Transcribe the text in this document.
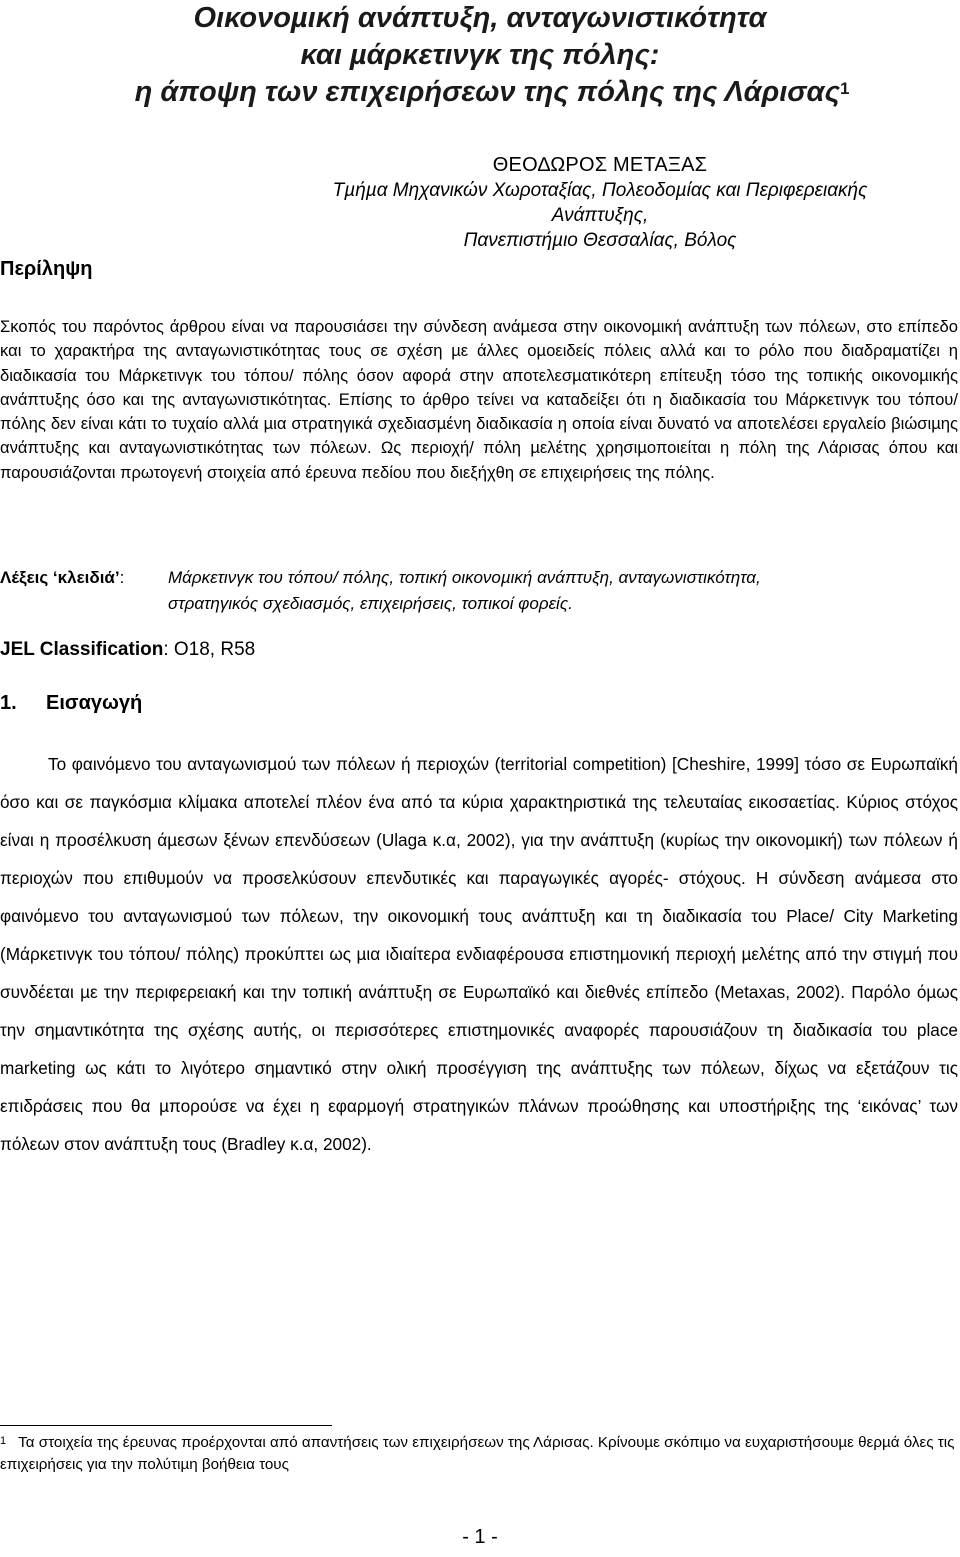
Οικονοµική ανάπτυξη, ανταγωνιστικότητα
και µάρκετινγκ της πόλης:
η άποψη των επιχειρήσεων της πόλης της Λάρισας$^1$
ΘΕΟ∆ΩΡΟΣ ΜΕΤΑΞΑΣ
Τµήµα Μηχανικών Χωροταξίας, Πολεοδοµίας και Περιφερειακής Ανάπτυξης,
Πανεπιστήµιο Θεσσαλίας, Βόλος
Περίληψη
Σκοπός του παρόντος άρθρου είναι να παρουσιάσει την σύνδεση ανάµεσα στην οικονοµική ανάπτυξη των πόλεων, στο επίπεδο και το χαρακτήρα της ανταγωνιστικότητας τους σε σχέση µε άλλες οµοειδείς πόλεις αλλά και το ρόλο που διαδραµατίζει η διαδικασία του Μάρκετινγκ του τόπου/ πόλης όσον αφορά στην αποτελεσµατικότερη επίτευξη τόσο της τοπικής οικονοµικής ανάπτυξης όσο και της ανταγωνιστικότητας. Επίσης το άρθρο τείνει να καταδείξει ότι η διαδικασία του Μάρκετινγκ του τόπου/ πόλης δεν είναι κάτι το τυχαίο αλλά µια στρατηγικά σχεδιασµένη διαδικασία η οποία είναι δυνατό να αποτελέσει εργαλείο βιώσιµης ανάπτυξης και ανταγωνιστικότητας των πόλεων. Ως περιοχή/ πόλη µελέτης χρησιµοποιείται η πόλη της Λάρισας όπου και παρουσιάζονται πρωτογενή στοιχεία από έρευνα πεδίου που διεξήχθη σε επιχειρήσεις της πόλης.
Λέξεις ‘κλειδιά’:	Μάρκετινγκ του τόπου/ πόλης, τοπική οικονοµική ανάπτυξη, ανταγωνιστικότητα,
στρατηγικός σχεδιασµός, επιχειρήσεις, τοπικοί φορείς.
JEL Classification: O18, R58
1. Εισαγωγή
Το φαινόµενο του ανταγωνισµού των πόλεων ή περιοχών (territorial competition) [Cheshire, 1999] τόσο σε Ευρωπαϊκή όσο και σε παγκόσµια κλίµακα αποτελεί πλέον ένα από τα κύρια χαρακτηριστικά της τελευταίας εικοσαετίας. Κύριος στόχος είναι η προσέλκυση άµεσων ξένων επενδύσεων (Ulaga κ.α, 2002), για την ανάπτυξη (κυρίως την οικονοµική) των πόλεων ή περιοχών που επιθυµούν να προσελκύσουν επενδυτικές και παραγωγικές αγορές- στόχους. Η σύνδεση ανάµεσα στο φαινόµενο του ανταγωνισµού των πόλεων, την οικονοµική τους ανάπτυξη και τη διαδικασία του Place/ City Marketing (Μάρκετινγκ του τόπου/ πόλης) προκύπτει ως µια ιδιαίτερα ενδιαφέρουσα επιστηµονική περιοχή µελέτης από την στιγµή που συνδέεται µε την περιφερειακή και την τοπική ανάπτυξη σε Ευρωπαϊκό και διεθνές επίπεδο (Metaxas, 2002). Παρόλο όµως την σηµαντικότητα της σχέσης αυτής, οι περισσότερες επιστηµονικές αναφορές παρουσιάζουν τη διαδικασία του place marketing ως κάτι το λιγότερο σηµαντικό στην ολική προσέγγιση της ανάπτυξης των πόλεων, δίχως να εξετάζουν τις επιδράσεις που θα µπορούσε να έχει η εφαρµογή στρατηγικών πλάνων προώθησης και υποστήριξης της ‘εικόνας’ των πόλεων στον ανάπτυξη τους (Bradley κ.α, 2002).
$^1$ Τα στοιχεία της έρευνας προέρχονται από απαντήσεις των επιχειρήσεων της Λάρισας. Κρίνουµε σκόπιµο να ευχαριστήσουµε θερµά όλες τις επιχειρήσεις για την πολύτιµη βοήθεια τους
- 1 -
